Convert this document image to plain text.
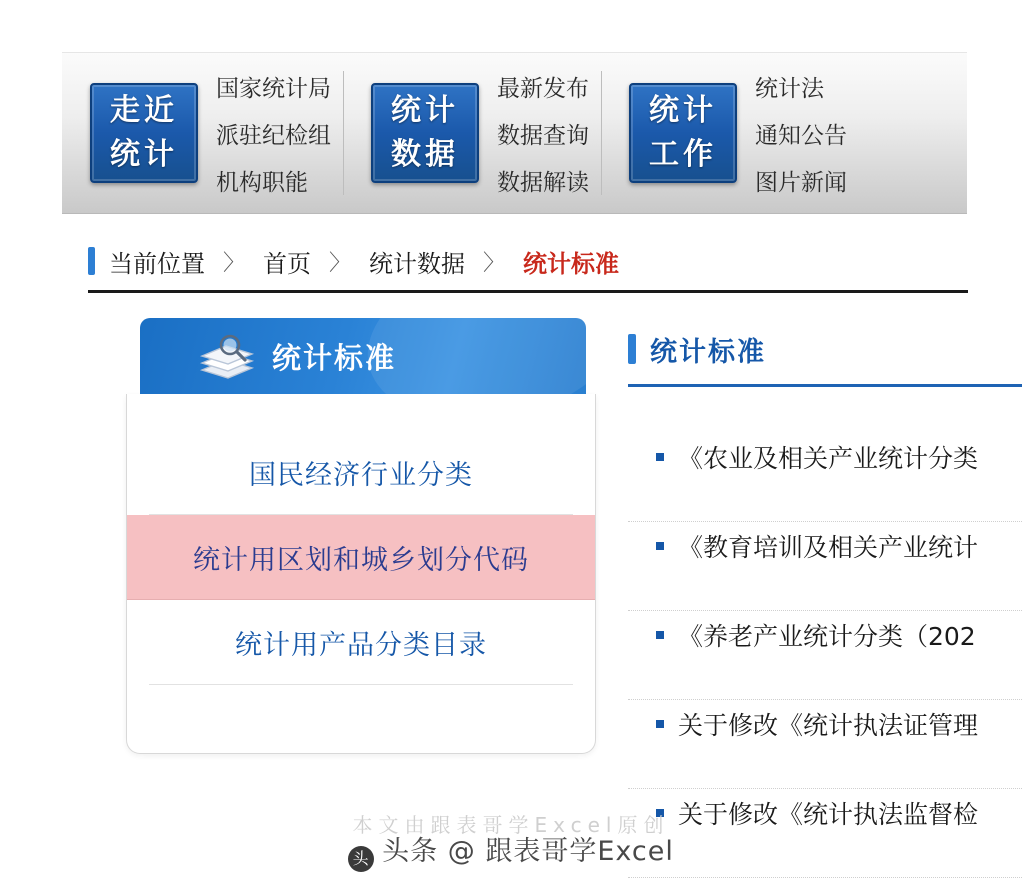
走近
统计
国家统计局
派驻纪检组
机构职能
统计
数据
最新发布
数据查询
数据解读
统计
工作
统计法
通知公告
图片新闻
当前位置 〉 首页 〉 统计数据 〉 统计标准
统计标准
国民经济行业分类
统计用区划和城乡划分代码
统计用产品分类目录
统计标准
《农业及相关产业统计分类
《教育培训及相关产业统计
《养老产业统计分类（202
关于修改《统计执法证管理
关于修改《统计执法监督检
本文由跟表哥学Excel原创
头 头条 @ 跟表哥学Excel
